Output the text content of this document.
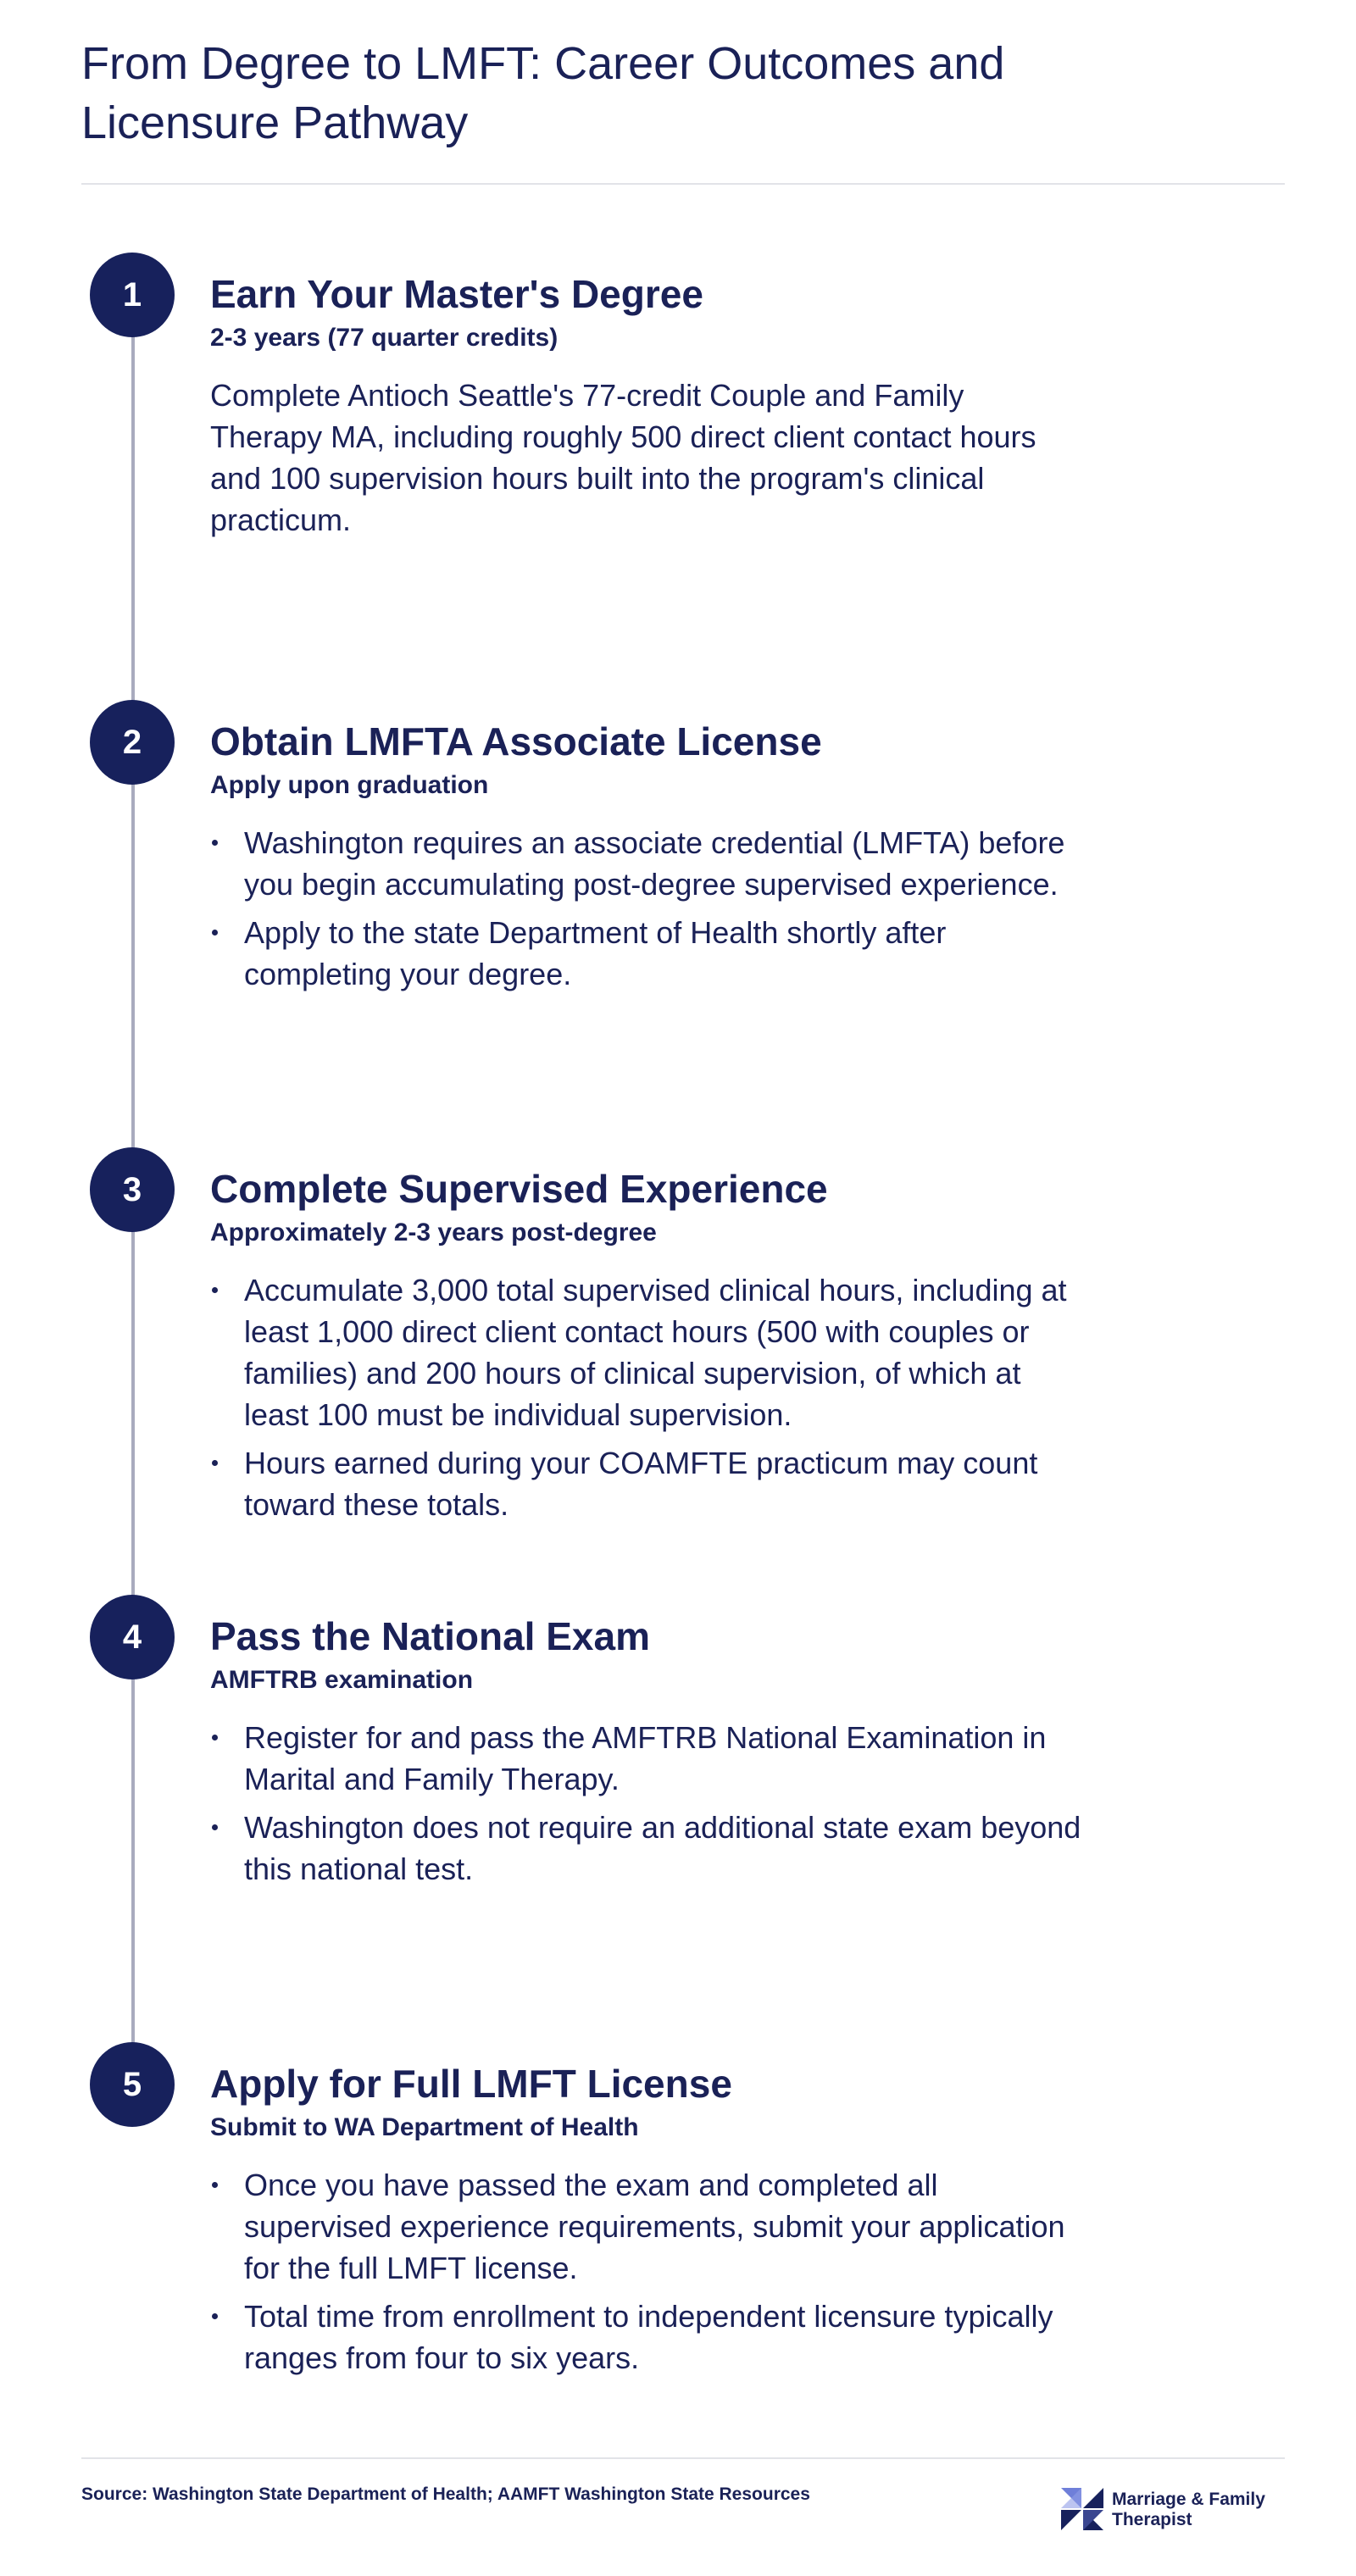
From Degree to LMFT: Career Outcomes and Licensure Pathway
1	Earn Your Master's Degree
2-3 years (77 quarter credits)

Complete Antioch Seattle's 77-credit Couple and Family Therapy MA, including roughly 500 direct client contact hours and 100 supervision hours built into the program's clinical practicum.

2	Obtain LMFTA Associate License
Apply upon graduation
Washington requires an associate credential (LMFTA) before you begin accumulating post-degree supervised experience.
Apply to the state Department of Health shortly after completing your degree.
3	Complete Supervised Experience
Approximately 2-3 years post-degree
Accumulate 3,000 total supervised clinical hours, including at least 1,000 direct client contact hours (500 with couples or families) and 200 hours of clinical supervision, of which at least 100 must be individual supervision.
Hours earned during your COAMFTE practicum may count toward these totals.
4	Pass the National Exam
AMFTRB examination
Register for and pass the AMFTRB National Examination in Marital and Family Therapy.
Washington does not require an additional state exam beyond this national test.
5	Apply for Full LMFT License
Submit to WA Department of Health
Once you have passed the exam and completed all supervised experience requirements, submit your application for the full LMFT license.
Total time from enrollment to independent licensure typically ranges from four to six years.
Source: Washington State Department of Health; AAMFT Washington State Resources	Marriage & Family
Therapist
